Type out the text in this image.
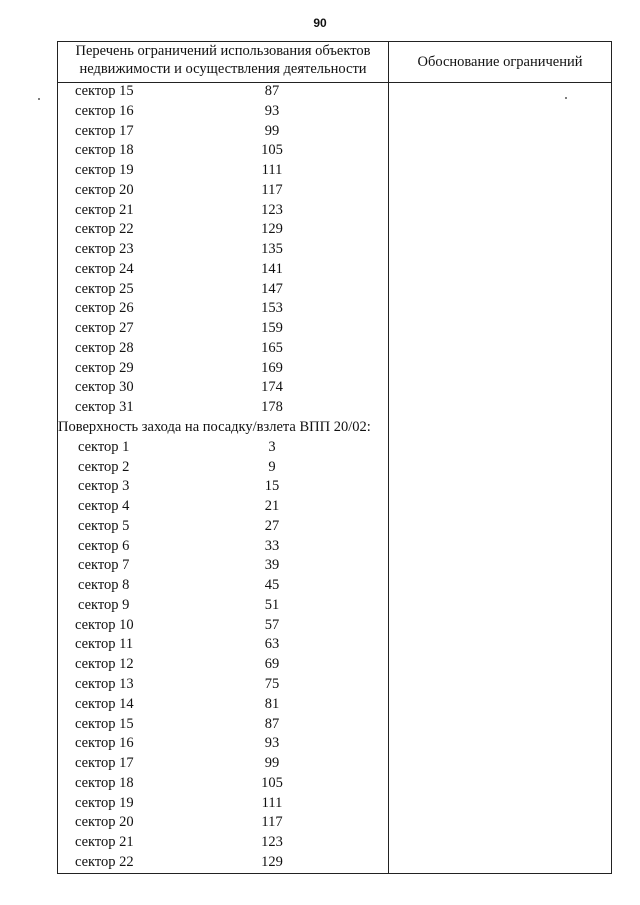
90
Перечень ограничений использования объектов
недвижимости и осуществления деятельности	Обоснование ограничений
сектор 15	87
сектор 16	93
сектор 17	99
сектор 18	105
сектор 19	111
сектор 20	117
сектор 21	123
сектор 22	129
сектор 23	135
сектор 24	141
сектор 25	147
сектор 26	153
сектор 27	159
сектор 28	165
сектор 29	169
сектор 30	174
сектор 31	178
Поверхность захода на посадку/взлета ВПП 20/02:
сектор 1	3
сектор 2	9
сектор 3	15
сектор 4	21
сектор 5	27
сектор 6	33
сектор 7	39
сектор 8	45
сектор 9	51
сектор 10	57
сектор 11	63
сектор 12	69
сектор 13	75
сектор 14	81
сектор 15	87
сектор 16	93
сектор 17	99
сектор 18	105
сектор 19	111
сектор 20	117
сектор 21	123
сектор 22	129
